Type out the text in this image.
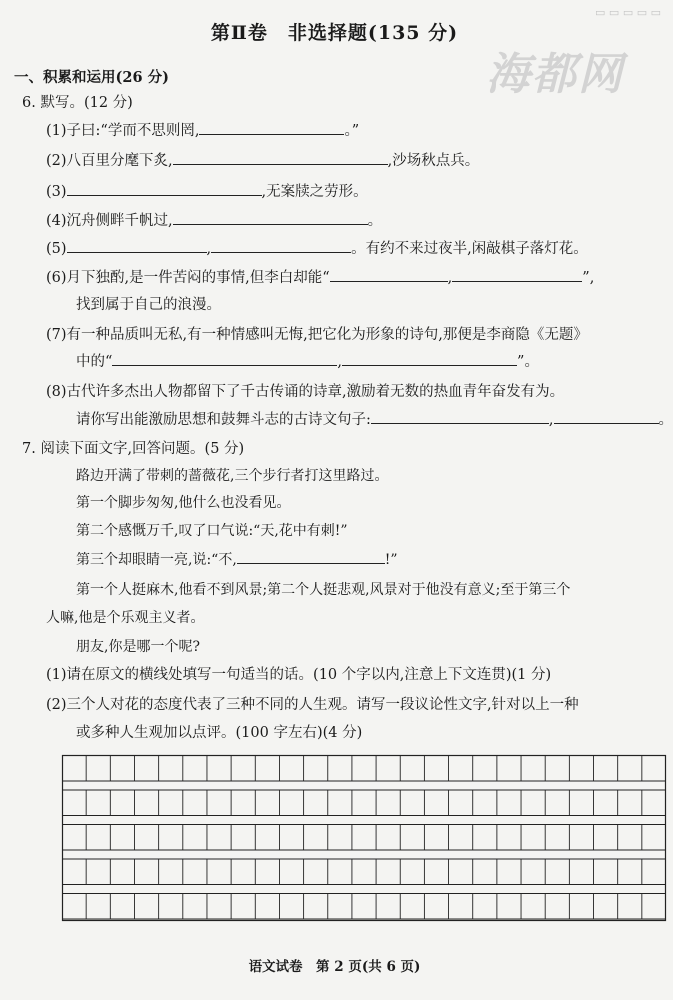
▭ ▭ ▭ ▭ ▭
第Ⅱ卷　非选择题(135 分)
海都网
一、积累和运用(26 分)
6. 默写。(12 分)
(1)子曰:“学而不思则罔,	。”
(2)八百里分麾下炙,	,沙场秋点兵。
(3)	,无案牍之劳形。
(4)沉舟侧畔千帆过,	。
(5)	,	。有约不来过夜半,闲敲棋子落灯花。
(6)月下独酌,是一件苦闷的事情,但李白却能“	,	”,
找到属于自己的浪漫。
(7)有一种品质叫无私,有一种情感叫无悔,把它化为形象的诗句,那便是李商隐《无题》
中的“	,	”。
(8)古代许多杰出人物都留下了千古传诵的诗章,激励着无数的热血青年奋发有为。
请你写出能激励思想和鼓舞斗志的古诗文句子:	,	。
7. 阅读下面文字,回答问题。(5 分)
路边开满了带刺的蔷薇花,三个步行者打这里路过。
第一个脚步匆匆,他什么也没看见。
第二个感慨万千,叹了口气说:“天,花中有刺!”
第三个却眼睛一亮,说:“不,	!”
第一个人挺麻木,他看不到风景;第二个人挺悲观,风景对于他没有意义;至于第三个
人嘛,他是个乐观主义者。
朋友,你是哪一个呢?
(1)请在原文的横线处填写一句适当的话。(10 个字以内,注意上下文连贯)(1 分)
(2)三个人对花的态度代表了三种不同的人生观。请写一段议论性文字,针对以上一种
或多种人生观加以点评。(100 字左右)(4 分)
语文试卷　第 2 页(共 6 页)
